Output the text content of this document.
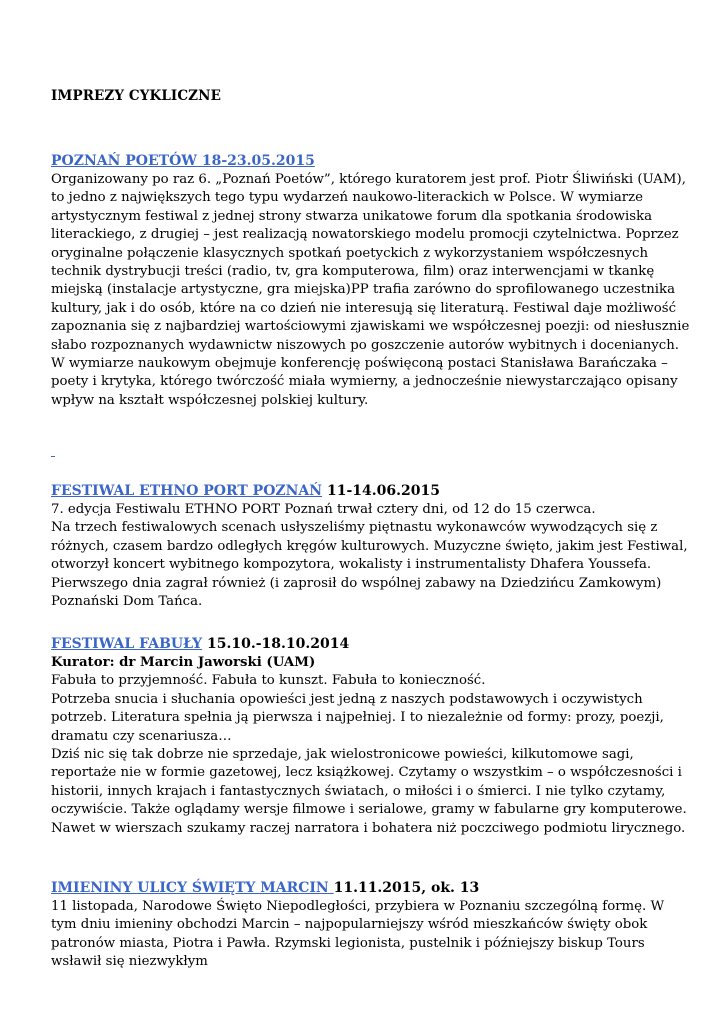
IMPREZY CYKLICZNE
POZNAŃ POETÓW 18-23.05.2015

Organizowany po raz 6. „Poznań Poetów”, którego kuratorem jest prof. Piotr Śliwiński (UAM), to jedno z największych tego typu wydarzeń naukowo-literackich w Polsce. W wymiarze artystycznym festiwal z jednej strony stwarza unikatowe forum dla spotkania środowiska literackiego, z drugiej – jest realizacją nowatorskiego modelu promocji czytelnictwa. Poprzez oryginalne połączenie klasycznych spotkań poetyckich z wykorzystaniem współczesnych technik dystrybucji treści (radio, tv, gra komputerowa, film) oraz interwencjami w tkankę miejską (instalacje artystyczne, gra miejska)PP trafia zarówno do sprofilowanego uczestnika kultury, jak i do osób, które na co dzień nie interesują się literaturą. Festiwal daje możliwość zapoznania się z najbardziej wartościowymi zjawiskami we współczesnej poezji: od niesłusznie słabo rozpoznanych wydawnictw niszowych po goszczenie autorów wybitnych i docenianych.

W wymiarze naukowym obejmuje konferencję poświęconą postaci Stanisława Barańczaka – poety i krytyka, którego twórczość miała wymierny, a jednocześnie niewystarczająco opisany wpływ na kształt współczesnej polskiej kultury.

FESTIWAL ETHNO PORT POZNAŃ 11-14.06.2015

7. edycja Festiwalu ETHNO PORT Poznań trwał cztery dni, od 12 do 15 czerwca.

Na trzech festiwalowych scenach usłyszeliśmy piętnastu wykonawców wywodzących się z różnych, czasem bardzo odległych kręgów kulturowych. Muzyczne święto, jakim jest Festiwal, otworzył koncert wybitnego kompozytora, wokalisty i instrumentalisty Dhafera Youssefa. Pierwszego dnia zagrał również (i zaprosił do wspólnej zabawy na Dziedzińcu Zamkowym) Poznański Dom Tańca.

FESTIWAL FABUŁY 15.10.-18.10.2014
Kurator: dr Marcin Jaworski (UAM)

Fabuła to przyjemność. Fabuła to kunszt. Fabuła to konieczność.

Potrzeba snucia i słuchania opowieści jest jedną z naszych podstawowych i oczywistych potrzeb. Literatura spełnia ją pierwsza i najpełniej. I to niezależnie od formy: prozy, poezji, dramatu czy scenariusza…

Dziś nic się tak dobrze nie sprzedaje, jak wielostronicowe powieści, kilkutomowe sagi, reportaże nie w formie gazetowej, lecz książkowej. Czytamy o wszystkim – o współczesności i historii, innych krajach i fantastycznych światach, o miłości i o śmierci. I nie tylko czytamy, oczywiście. Także oglądamy wersje filmowe i serialowe, gramy w fabularne gry komputerowe. Nawet w wierszach szukamy raczej narratora i bohatera niż poczciwego podmiotu lirycznego.

IMIENINY ULICY ŚWIĘTY MARCIN 11.11.2015, ok. 13

11 listopada, Narodowe Święto Niepodległości, przybiera w Poznaniu szczególną formę. W tym dniu imieniny obchodzi Marcin – najpopularniejszy wśród mieszkańców święty obok patronów miasta, Piotra i Pawła. Rzymski legionista, pustelnik i późniejszy biskup Tours wsławił się niezwykłym
